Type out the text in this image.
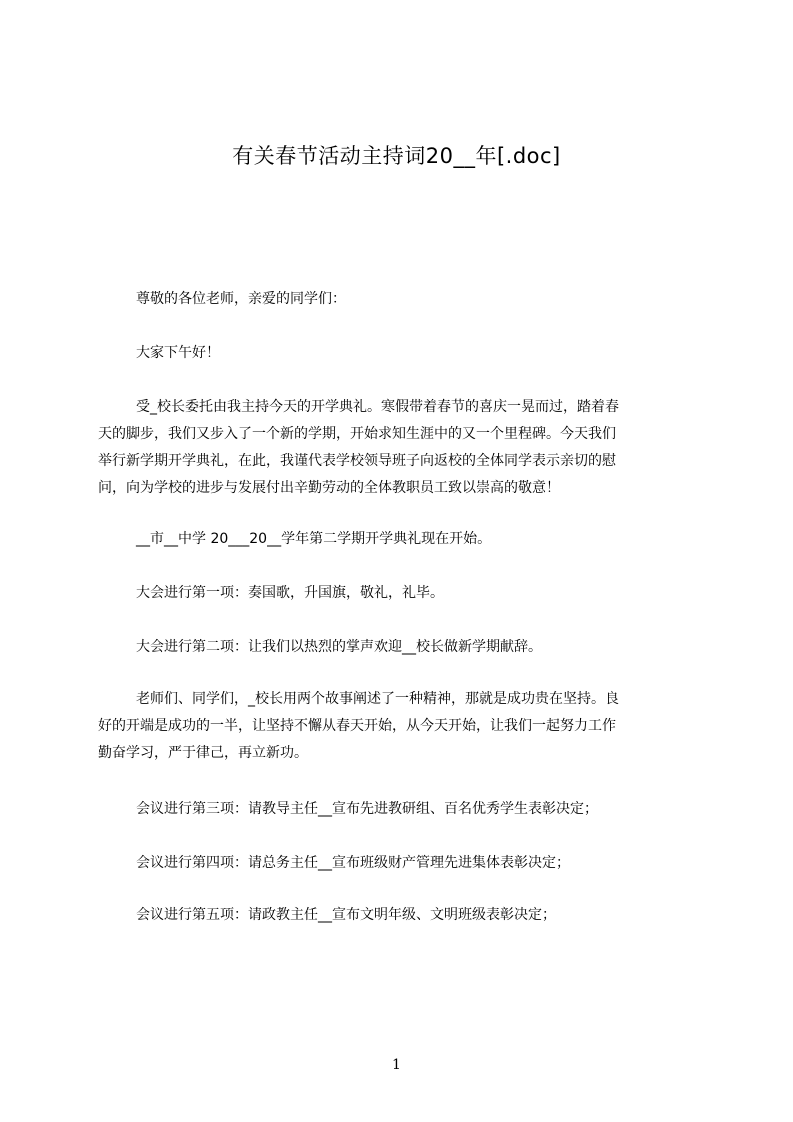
有关春节活动主持词20__年[.doc]

尊敬的各位老师，亲爱的同学们：

大家下午好！

受_校长委托由我主持今天的开学典礼。寒假带着春节的喜庆一晃而过，踏着春
天的脚步，我们又步入了一个新的学期，开始求知生涯中的又一个里程碑。今天我们
举行新学期开学典礼，在此，我谨代表学校领导班子向返校的全体同学表示亲切的慰
问，向为学校的进步与发展付出辛勤劳动的全体教职员工致以崇高的敬意！

__市__中学 20___20__学年第二学期开学典礼现在开始。

大会进行第一项：奏国歌，升国旗，敬礼，礼毕。

大会进行第二项：让我们以热烈的掌声欢迎__校长做新学期献辞。

老师们、同学们，_校长用两个故事阐述了一种精神，那就是成功贵在坚持。良
好的开端是成功的一半，让坚持不懈从春天开始，从今天开始，让我们一起努力工作
勤奋学习，严于律己，再立新功。

会议进行第三项：请教导主任__宣布先进教研组、百名优秀学生表彰决定；

会议进行第四项：请总务主任__宣布班级财产管理先进集体表彰决定；

会议进行第五项：请政教主任__宣布文明年级、文明班级表彰决定；

1
